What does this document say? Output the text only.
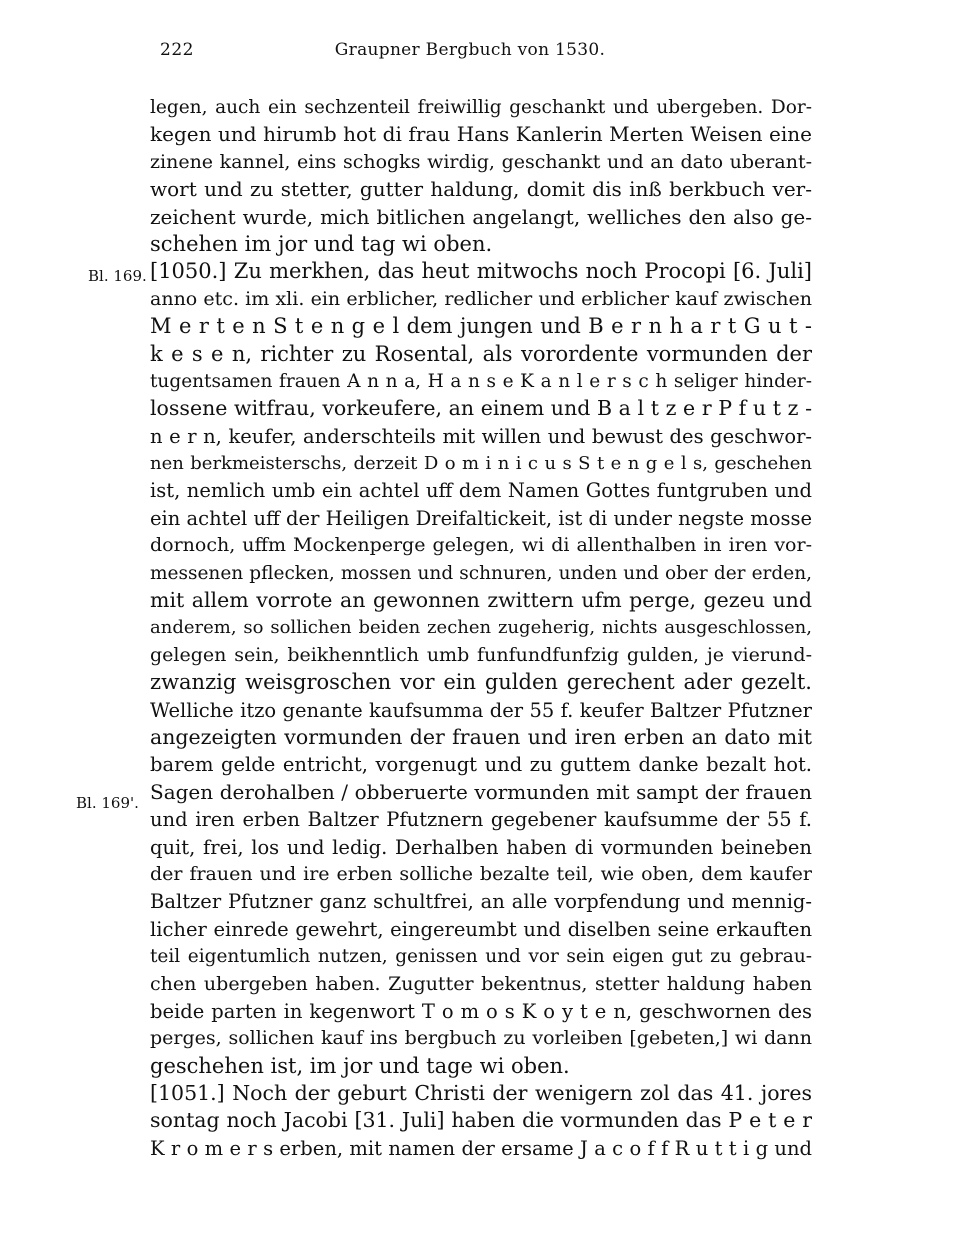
222	Graupner Bergbuch von 1530.
Bl. 169.
Bl. 169'.
legen, auch ein sechzenteil freiwillig geschankt und ubergeben. Dor-
kegen und hirumb hot di frau Hans Kanlerin Merten Weisen eine
zinene kannel, eins schogks wirdig, geschankt und an dato uberant-
wort und zu stetter, gutter haldung, domit dis inß berkbuch ver-
zeichent wurde, mich bitlichen angelangt, welliches den also ge-
schehen im jor und tag wi oben.
[1050.] Zu merkhen, das heut mitwochs noch Procopi [6. Juli]
anno etc. im xli. ein erblicher, redlicher und erblicher kauf zwischen
M e r t e n S t e n g e l dem jungen und B e r n h a r t G u t -
k e s e n, richter zu Rosental, als vorordente vormunden der
tugentsamen frauen A n n a, H a n s e K a n l e r s c h seliger hinder-
lossene witfrau, vorkeufere, an einem und B a l t z e r P f u t z -
n e r n, keufer, anderschteils mit willen und bewust des geschwor-
nen berkmeisterschs, derzeit D o m i n i c u s S t e n g e l s, geschehen
ist, nemlich umb ein achtel uff dem Namen Gottes funtgruben und
ein achtel uff der Heiligen Dreifaltickeit, ist di under negste mosse
dornoch, uffm Mockenperge gelegen, wi di allenthalben in iren vor-
messenen pflecken, mossen und schnuren, unden und ober der erden,
mit allem vorrote an gewonnen zwittern ufm perge, gezeu und
anderem, so sollichen beiden zechen zugeherig, nichts ausgeschlossen,
gelegen sein, beikhenntlich umb funfundfunfzig gulden, je vierund-
zwanzig weisgroschen vor ein gulden gerechent ader gezelt.
Welliche itzo genante kaufsumma der 55 f. keufer Baltzer Pfutzner
angezeigten vormunden der frauen und iren erben an dato mit
barem gelde entricht, vorgenugt und zu guttem danke bezalt hot.
Sagen derohalben / obberuerte vormunden mit sampt der frauen
und iren erben Baltzer Pfutznern gegebener kaufsumme der 55 f.
quit, frei, los und ledig. Derhalben haben di vormunden beineben
der frauen und ire erben solliche bezalte teil, wie oben, dem kaufer
Baltzer Pfutzner ganz schultfrei, an alle vorpfendung und mennig-
licher einrede gewehrt, eingereumbt und diselben seine erkauften
teil eigentumlich nutzen, genissen und vor sein eigen gut zu gebrau-
chen ubergeben haben. Zugutter bekentnus, stetter haldung haben
beide parten in kegenwort T o m o s K o y t e n, geschwornen des
perges, sollichen kauf ins bergbuch zu vorleiben [gebeten,] wi dann
geschehen ist, im jor und tage wi oben.
[1051.] Noch der geburt Christi der wenigern zol das 41. jores
sontag noch Jacobi [31. Juli] haben die vormunden das P e t e r
K r o m e r s erben, mit namen der ersame J a c o f f R u t t i g und
